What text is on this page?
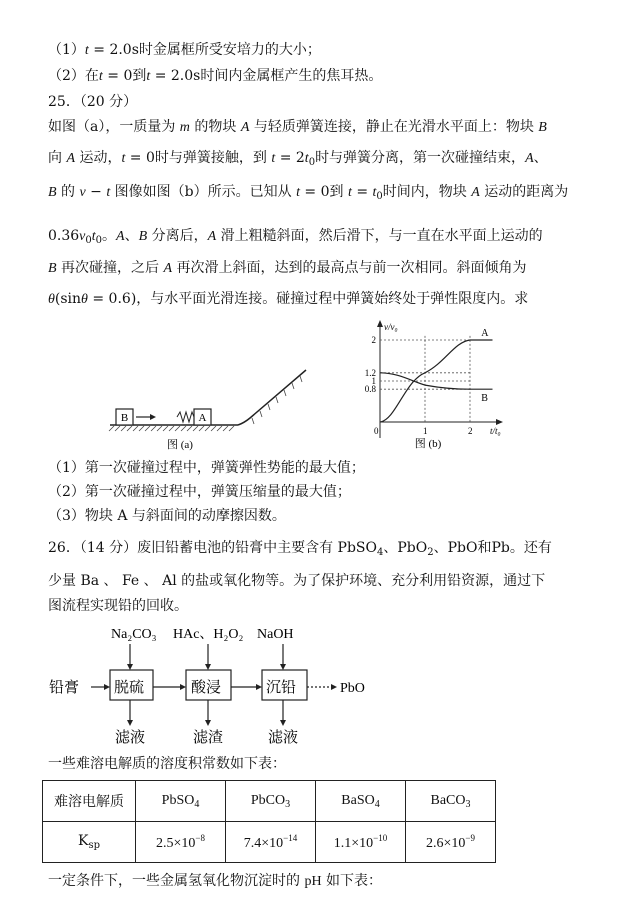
（1）t = 2.0s时金属框所受安培力的大小；
（2）在t = 0到t = 2.0s时间内金属框产生的焦耳热。
25．（20 分）
如图（a），一质量为 m 的物块 A 与轻质弹簧连接，静止在光滑水平面上：物块 B
向 A 运动，t = 0时与弹簧接触，到 $t = 2t_0$时与弹簧分离，第一次碰撞结束，A、
B 的 v − t 图像如图（b）所示。已知从 t = 0到 $t = t_0$时间内，物块 A 运动的距离为
$0.36v_0t_0$。A、B 分离后，A 滑上粗糙斜面，然后滑下，与一直在水平面上运动的
B 再次碰撞，之后 A 再次滑上斜面，达到的最高点与前一次相同。斜面倾角为
θ(sinθ = 0.6)，与水平面光滑连接。碰撞过程中弹簧始终处于弹性限度内。求
B	A
图 (a)
v/v₀
t/t₀
2
1.2
1
0.8
0	1	2
A
B
图 (b)
（1）第一次碰撞过程中，弹簧弹性势能的最大值；
（2）第一次碰撞过程中，弹簧压缩量的最大值；
（3）物块 A 与斜面间的动摩擦因数。
26．（14 分）废旧铅蓄电池的铅膏中主要含有 PbSO$_4$、PbO$_2$、PbO和Pb。还有
少量 Ba 、 Fe 、 Al 的盐或氧化物等。为了保护环境、充分利用铅资源，通过下
图流程实现铅的回收。
Na₂CO₃ HAc、H₂O₂ NaOH
铅膏 脱硫	酸浸	沉铅
滤液	滤渣	滤液
PbO
一些难溶电解质的溶度积常数如下表：
难溶电解质	PbSO$_4$	PbCO$_3$	BaSO$_4$	BaCO$_3$
$K_{sp}$	$2.5\times 10^{-8}$	$7.4\times 10^{-14}$	$1.1\times 10^{-10}$	$2.6\times 10^{-9}$
一定条件下，一些金属氢氧化物沉淀时的 pH 如下表：
